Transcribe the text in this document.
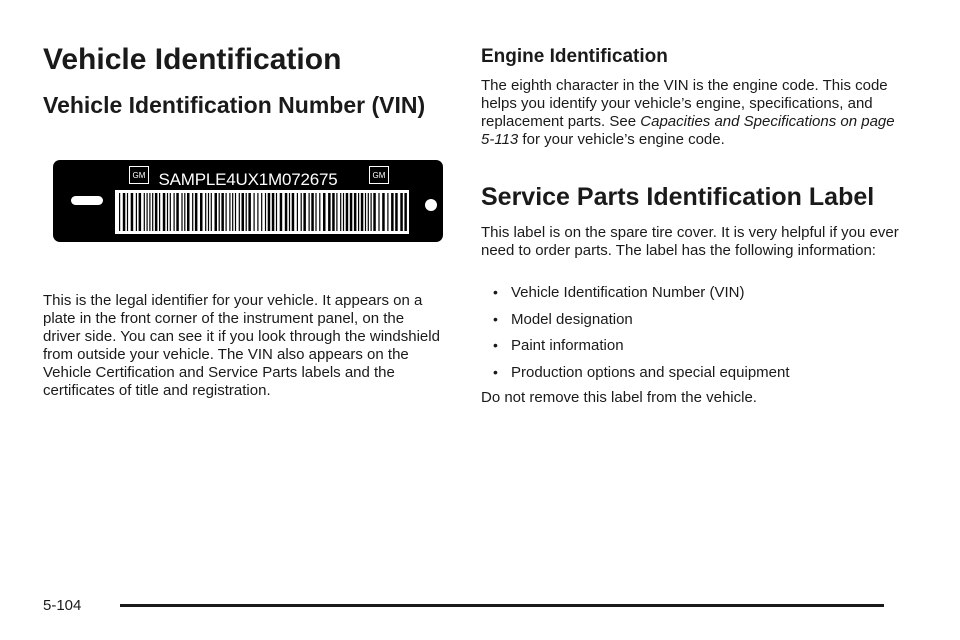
Vehicle Identification
Vehicle Identification Number (VIN)
GM SAMPLE4UX1M072675	GM

This is the legal identifier for your vehicle. It appears on a plate in the front corner of the instrument panel, on the driver side. You can see it if you look through the windshield from outside your vehicle. The VIN also appears on the Vehicle Certification and Service Parts labels and the certificates of title and registration.

Engine Identification

The eighth character in the VIN is the engine code. This code helps you identify your vehicle’s engine, specifications, and replacement parts. See Capacities and Specifications on page 5-113 for your vehicle’s engine code.

Service Parts Identification Label

This label is on the spare tire cover. It is very helpful if you ever need to order parts. The label has the following information:

• Vehicle Identification Number (VIN)
• Model designation
• Paint information
• Production options and special equipment

Do not remove this label from the vehicle.

5-104
